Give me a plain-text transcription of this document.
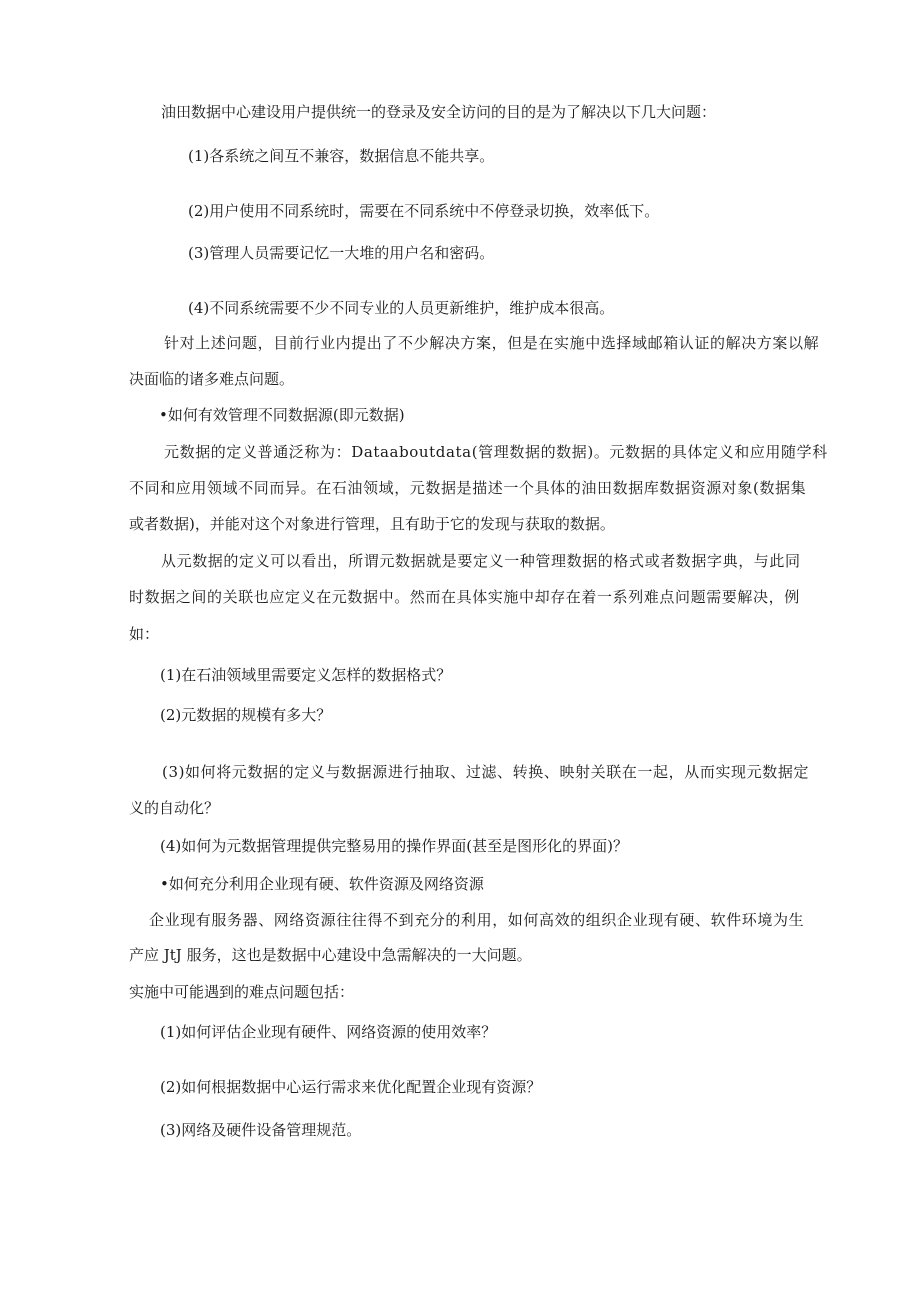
油田数据中心建设用户提供统一的登录及安全访问的目的是为了解决以下几大问题：

(1)各系统之间互不兼容，数据信息不能共享。

(2)用户使用不同系统时，需要在不同系统中不停登录切换，效率低下。

(3)管理人员需要记忆一大堆的用户名和密码。

(4)不同系统需要不少不同专业的人员更新维护，维护成本很高。

针对上述问题，目前行业内提出了不少解决方案，但是在实施中选择域邮箱认证的解决方案以解

决面临的诸多难点问题。

•如何有效管理不同数据源(即元数据)

元数据的定义普通泛称为：Dataaboutdata(管理数据的数据)。元数据的具体定义和应用随学科

不同和应用领域不同而异。在石油领域，元数据是描述一个具体的油田数据库数据资源对象(数据集

或者数据)，并能对这个对象进行管理，且有助于它的发现与获取的数据。

从元数据的定义可以看出，所谓元数据就是要定义一种管理数据的格式或者数据字典，与此同

时数据之间的关联也应定义在元数据中。然而在具体实施中却存在着一系列难点问题需要解决，例

如：

(1)在石油领域里需要定义怎样的数据格式？

(2)元数据的规模有多大？

(3)如何将元数据的定义与数据源进行抽取、过滤、转换、映射关联在一起，从而实现元数据定

义的自动化？

(4)如何为元数据管理提供完整易用的操作界面(甚至是图形化的界面)？

•如何充分利用企业现有硬、软件资源及网络资源

企业现有服务器、网络资源往往得不到充分的利用，如何高效的组织企业现有硬、软件环境为生

产应 JtJ 服务，这也是数据中心建设中急需解决的一大问题。

实施中可能遇到的难点问题包括：

(1)如何评估企业现有硬件、网络资源的使用效率？

(2)如何根据数据中心运行需求来优化配置企业现有资源？

(3)网络及硬件设备管理规范。
